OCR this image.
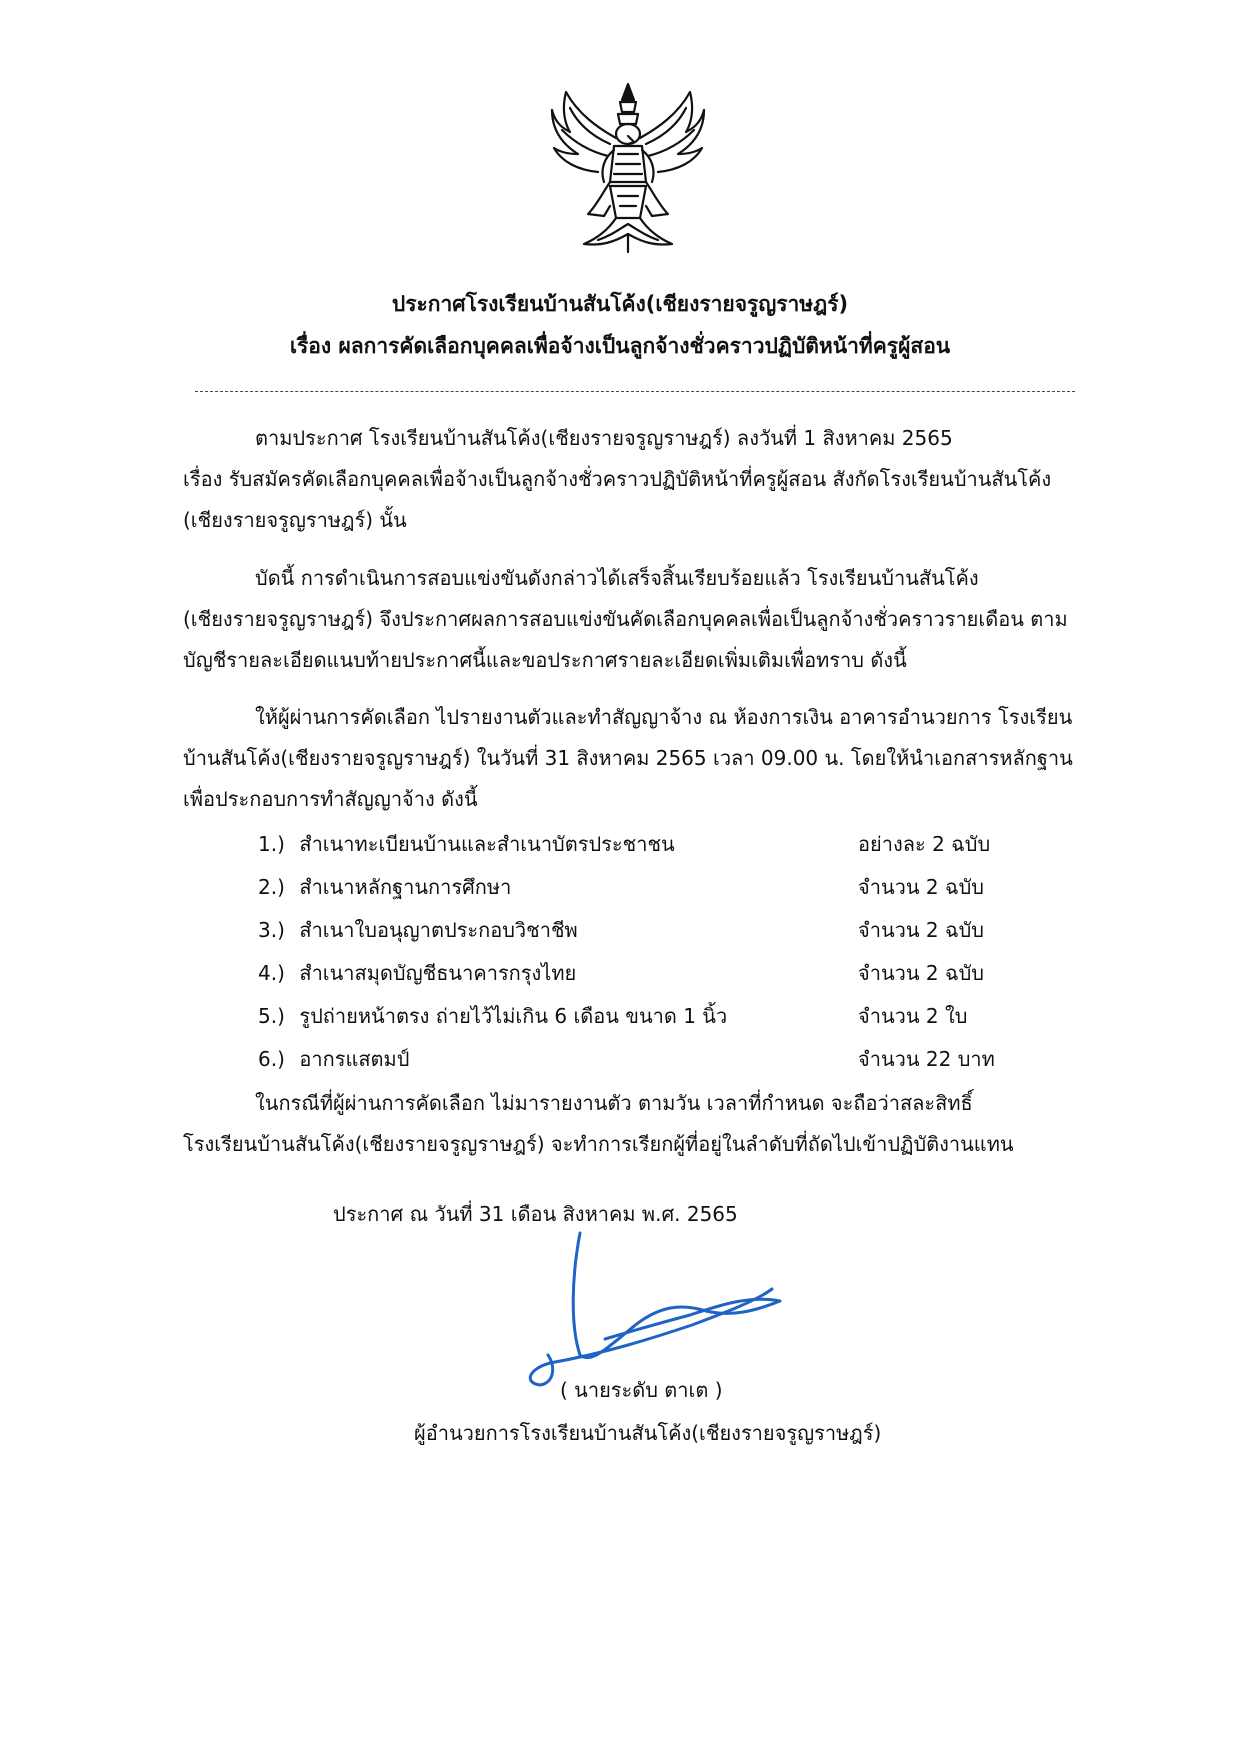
ประกาศโรงเรียนบ้านสันโค้ง(เชียงรายจรูญราษฎร์)
เรื่อง ผลการคัดเลือกบุคคลเพื่อจ้างเป็นลูกจ้างชั่วคราวปฏิบัติหน้าที่ครูผู้สอน
ตามประกาศ โรงเรียนบ้านสันโค้ง(เชียงรายจรูญราษฎร์) ลงวันที่ 1 สิงหาคม 2565
เรื่อง รับสมัครคัดเลือกบุคคลเพื่อจ้างเป็นลูกจ้างชั่วคราวปฏิบัติหน้าที่ครูผู้สอน สังกัดโรงเรียนบ้านสันโค้ง
(เชียงรายจรูญราษฎร์) นั้น
บัดนี้ การดำเนินการสอบแข่งขันดังกล่าวได้เสร็จสิ้นเรียบร้อยแล้ว โรงเรียนบ้านสันโค้ง
(เชียงรายจรูญราษฎร์) จึงประกาศผลการสอบแข่งขันคัดเลือกบุคคลเพื่อเป็นลูกจ้างชั่วคราวรายเดือน ตาม
บัญชีรายละเอียดแนบท้ายประกาศนี้และขอประกาศรายละเอียดเพิ่มเติมเพื่อทราบ ดังนี้
ให้ผู้ผ่านการคัดเลือก ไปรายงานตัวและทำสัญญาจ้าง ณ ห้องการเงิน อาคารอำนวยการ โรงเรียน
บ้านสันโค้ง(เชียงรายจรูญราษฎร์) ในวันที่ 31 สิงหาคม 2565 เวลา 09.00 น. โดยให้นำเอกสารหลักฐาน
เพื่อประกอบการทำสัญญาจ้าง ดังนี้
1.) สำเนาทะเบียนบ้านและสำเนาบัตรประชาชน	อย่างละ 2 ฉบับ
2.) สำเนาหลักฐานการศึกษา	จำนวน 2 ฉบับ
3.) สำเนาใบอนุญาตประกอบวิชาชีพ	จำนวน 2 ฉบับ
4.) สำเนาสมุดบัญชีธนาคารกรุงไทย	จำนวน 2 ฉบับ
5.) รูปถ่ายหน้าตรง ถ่ายไว้ไม่เกิน 6 เดือน ขนาด 1 นิ้ว	จำนวน 2 ใบ
6.) อากรแสตมป์	จำนวน 22 บาท
ในกรณีที่ผู้ผ่านการคัดเลือก ไม่มารายงานตัว ตามวัน เวลาที่กำหนด จะถือว่าสละสิทธิ์
โรงเรียนบ้านสันโค้ง(เชียงรายจรูญราษฎร์) จะทำการเรียกผู้ที่อยู่ในลำดับที่ถัดไปเข้าปฏิบัติงานแทน
ประกาศ ณ วันที่ 31 เดือน สิงหาคม พ.ศ. 2565
( นายระดับ ตาเต )
ผู้อำนวยการโรงเรียนบ้านสันโค้ง(เชียงรายจรูญราษฎร์)
